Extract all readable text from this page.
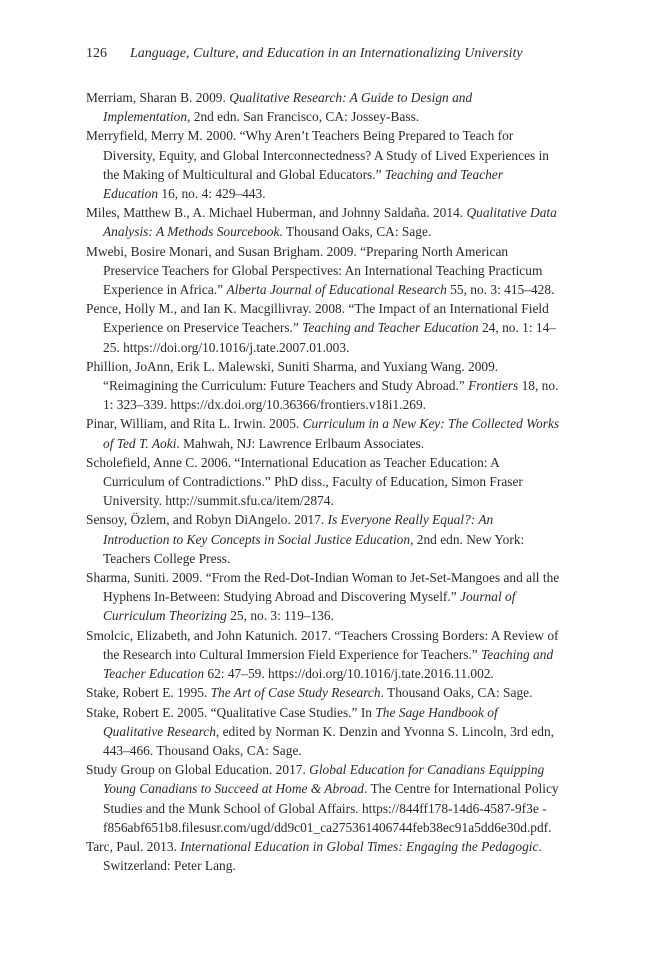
126 Language, Culture, and Education in an Internationalizing University

Merriam, Sharan B. 2009. Qualitative Research: A Guide to Design and Implementation, 2nd edn. San Francisco, CA: Jossey-Bass.

Merryfield, Merry M. 2000. “Why Aren’t Teachers Being Prepared to Teach for Diversity, Equity, and Global Interconnectedness? A Study of Lived Experiences in the Making of Multicultural and Global Educators.” Teaching and Teacher Education 16, no. 4: 429–443.

Miles, Matthew B., A. Michael Huberman, and Johnny Saldaña. 2014. Qualitative Data Analysis: A Methods Sourcebook. Thousand Oaks, CA: Sage.

Mwebi, Bosire Monari, and Susan Brigham. 2009. “Preparing North American Preservice Teachers for Global Perspectives: An International Teaching Practicum Experience in Africa.” Alberta Journal of Educational Research 55, no. 3: 415–428.

Pence, Holly M., and Ian K. Macgillivray. 2008. “The Impact of an International Field Experience on Preservice Teachers.” Teaching and Teacher Education 24, no. 1: 14–25. https://doi.org/10.1016/j.tate.2007.01.003.

Phillion, JoAnn, Erik L. Malewski, Suniti Sharma, and Yuxiang Wang. 2009. “Reimagining the Curriculum: Future Teachers and Study Abroad.” Frontiers 18, no. 1: 323–339. https://dx.doi.org/10.36366/frontiers.v18i1.269.

Pinar, William, and Rita L. Irwin. 2005. Curriculum in a New Key: The Collected Works of Ted T. Aoki. Mahwah, NJ: Lawrence Erlbaum Associates.

Scholefield, Anne C. 2006. “International Education as Teacher Education: A Curriculum of Contradictions.” PhD diss., Faculty of Education, Simon Fraser University. http://summit.sfu.ca/item/2874.

Sensoy, Özlem, and Robyn DiAngelo. 2017. Is Everyone Really Equal?: An Introduction to Key Concepts in Social Justice Education, 2nd edn. New York: Teachers College Press.

Sharma, Suniti. 2009. “From the Red-Dot-Indian Woman to Jet-Set-Mangoes and all the Hyphens In-Between: Studying Abroad and Discovering Myself.” Journal of Curriculum Theorizing 25, no. 3: 119–136.

Smolcic, Elizabeth, and John Katunich. 2017. “Teachers Crossing Borders: A Review of the Research into Cultural Immersion Field Experience for Teachers.” Teaching and Teacher Education 62: 47–59. https://doi.org/10.1016/j.tate.2016.11.002.

Stake, Robert E. 1995. The Art of Case Study Research. Thousand Oaks, CA: Sage.

Stake, Robert E. 2005. “Qualitative Case Studies.” In The Sage Handbook of Qualitative Research, edited by Norman K. Denzin and Yvonna S. Lincoln, 3rd edn, 443–466. Thousand Oaks, CA: Sage.

Study Group on Global Education. 2017. Global Education for Canadians Equipping Young Canadians to Succeed at Home & Abroad. The Centre for International Policy Studies and the Munk School of Global Affairs. https://844ff178-14d6-4587-9f3e -f856abf651b8.filesusr.com/ugd/dd9c01_ca275361406744feb38ec91a5dd6e30d.pdf.

Tarc, Paul. 2013. International Education in Global Times: Engaging the Pedagogic. Switzerland: Peter Lang.
